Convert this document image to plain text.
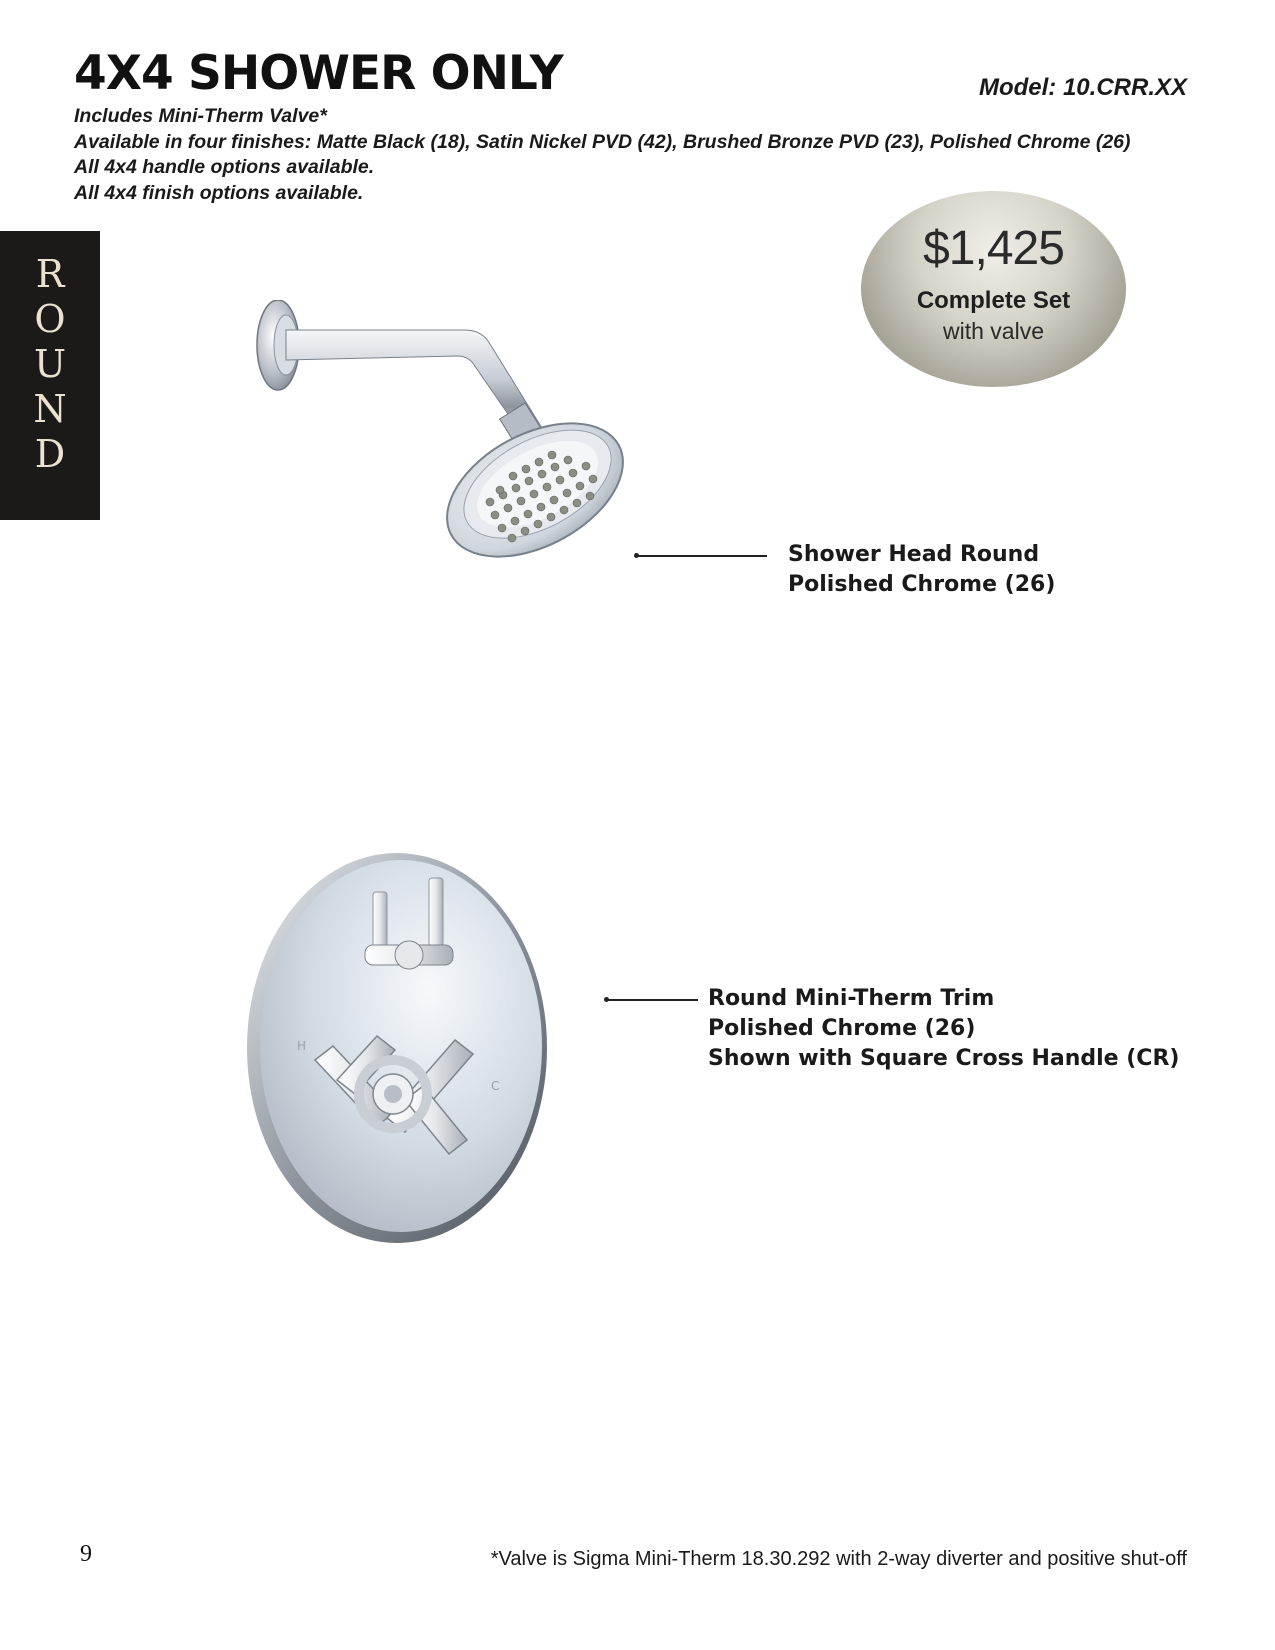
4X4 SHOWER ONLY	Model: 10.CRR.XX
Includes Mini-Therm Valve*
Available in four finishes: Matte Black (18), Satin Nickel PVD (42), Brushed Bronze PVD (23), Polished Chrome (26)
All 4x4 handle options available.
All 4x4 finish options available.
R
O
U
N
D
$1,425
Complete Set
with valve
Shower Head Round
Polished Chrome (26)
H
C
Round Mini-Therm Trim
Polished Chrome (26)
Shown with Square Cross Handle (CR)
9	*Valve is Sigma Mini-Therm 18.30.292 with 2-way diverter and positive shut-off
